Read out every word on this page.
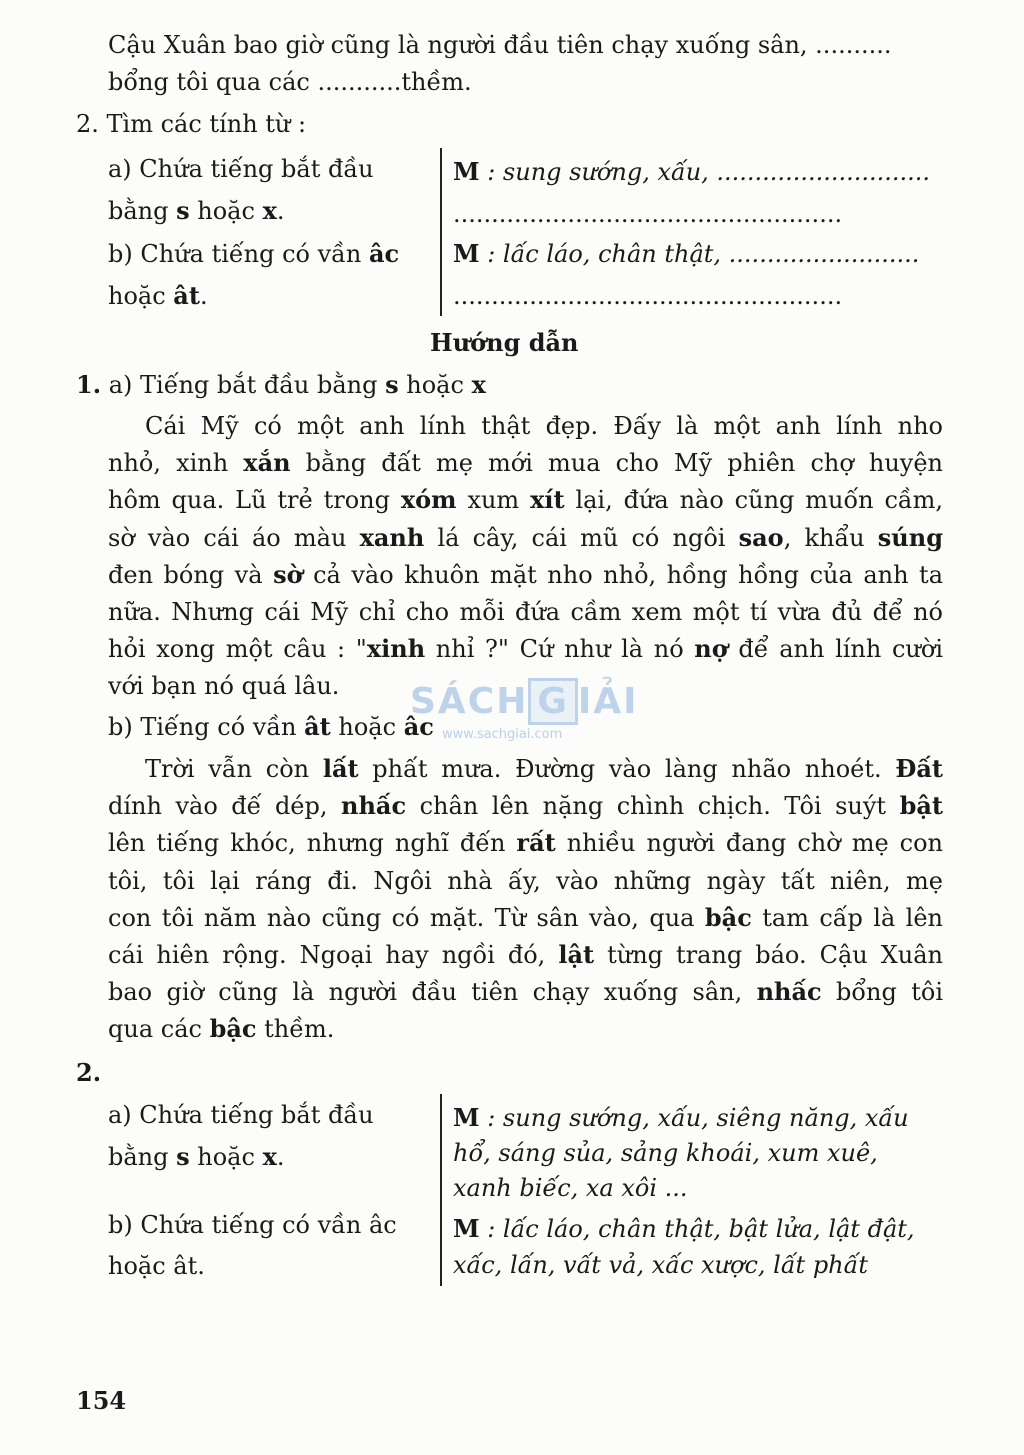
Cậu Xuân bao giờ cũng là người đầu tiên chạy xuống sân, ..........
bổng tôi qua các ...........thềm.
2. Tìm các tính từ :
a) Chứa tiếng bắt đầu
bằng s hoặc x.
b) Chứa tiếng có vần âc
hoặc ât.
M : sung sướng, xấu, ............................
...................................................
M : lấc láo, chân thật, .........................
...................................................
Hướng dẫn
1. a) Tiếng bắt đầu bằng s hoặc x
Cái Mỹ có một anh lính thật đẹp. Đấy là một anh lính nho
nhỏ, xinh xắn bằng đất mẹ mới mua cho Mỹ phiên chợ huyện
hôm qua. Lũ trẻ trong xóm xum xít lại, đứa nào cũng muốn cầm,
sờ vào cái áo màu xanh lá cây, cái mũ có ngôi sao, khẩu súng
đen bóng và sờ cả vào khuôn mặt nho nhỏ, hồng hồng của anh ta
nữa. Nhưng cái Mỹ chỉ cho mỗi đứa cầm xem một tí vừa đủ để nó
hỏi xong một câu : "xinh nhỉ ?" Cứ như là nó nợ để anh lính cười
với bạn nó quá lâu.
b) Tiếng có vần ât hoặc âc
Trời vẫn còn lất phất mưa. Đường vào làng nhão nhoét. Đất
dính vào đế dép, nhấc chân lên nặng chình chịch. Tôi suýt bật
lên tiếng khóc, nhưng nghĩ đến rất nhiều người đang chờ mẹ con
tôi, tôi lại ráng đi. Ngôi nhà ấy, vào những ngày tất niên, mẹ
con tôi năm nào cũng có mặt. Từ sân vào, qua bậc tam cấp là lên
cái hiên rộng. Ngoại hay ngồi đó, lật từng trang báo. Cậu Xuân
bao giờ cũng là người đầu tiên chạy xuống sân, nhấc bổng tôi
qua các bậc thềm.
2.
a) Chứa tiếng bắt đầu
bằng s hoặc x.
b) Chứa tiếng có vần âc
hoặc ât.
M : sung sướng, xấu, siêng năng, xấu
hổ, sáng sủa, sảng khoái, xum xuê,
xanh biếc, xa xôi ...
M : lấc láo, chân thật, bật lửa, lật đật,
xấc, lấn, vất vả, xấc xược, lất phất
SÁCH G IẢI
www.sachgiai.com
154
